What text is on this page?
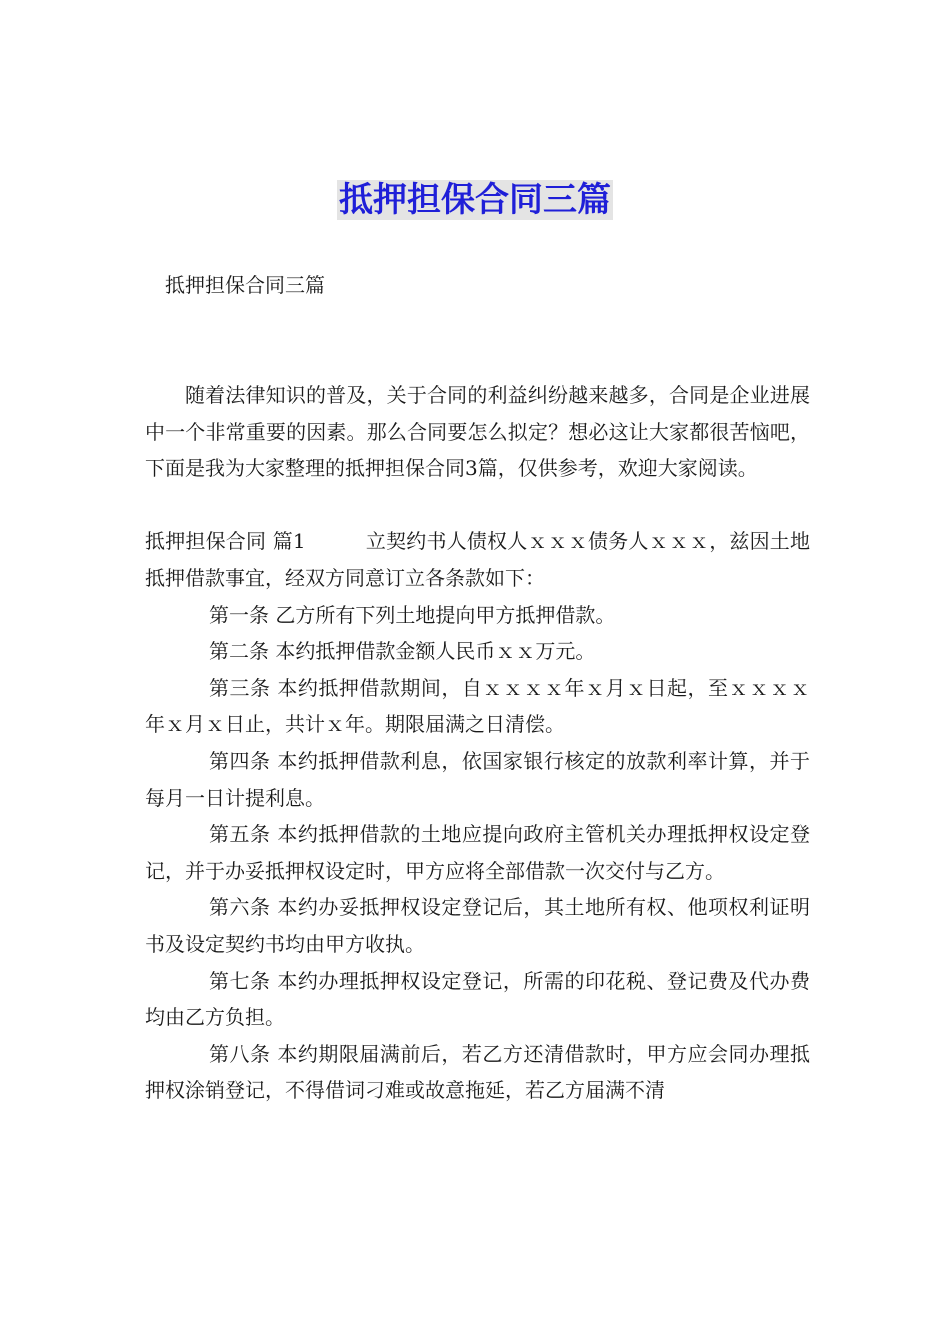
抵押担保合同三篇
抵押担保合同三篇

随着法律知识的普及，关于合同的利益纠纷越来越多，合同是企业进展中一个非常重要的因素。那么合同要怎么拟定？想必这让大家都很苦恼吧，下面是我为大家整理的抵押担保合同3篇，仅供参考，欢迎大家阅读。

抵押担保合同 篇1	立契约书人债权人ｘｘｘ债务人ｘｘｘ，兹因土地抵押借款事宜，经双方同意订立各条款如下：

第一条 乙方所有下列土地提向甲方抵押借款。

第二条 本约抵押借款金额人民币ｘｘ万元。

第三条 本约抵押借款期间，自ｘｘｘｘ年ｘ月ｘ日起，至ｘｘｘｘ年ｘ月ｘ日止，共计ｘ年。期限届满之日清偿。

第四条 本约抵押借款利息，依国家银行核定的放款利率计算，并于每月一日计提利息。

第五条 本约抵押借款的土地应提向政府主管机关办理抵押权设定登记，并于办妥抵押权设定时，甲方应将全部借款一次交付与乙方。

第六条 本约办妥抵押权设定登记后，其土地所有权、他项权利证明书及设定契约书均由甲方收执。

第七条 本约办理抵押权设定登记，所需的印花税、登记费及代办费均由乙方负担。

第八条 本约期限届满前后，若乙方还清借款时，甲方应会同办理抵押权涂销登记，不得借词刁难或故意拖延，若乙方届满不清
